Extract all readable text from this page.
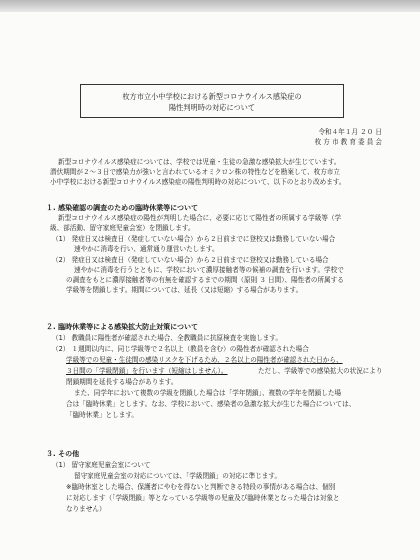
枚方市立小中学校における新型コロナウイルス感染症の
陽性判明時の対応について
令和４年１月 ２０ 日
枚 方 市 教 育 委 員 会
新型コロナウイルス感染症については、学校では児童・生徒の急激な感染拡大が生じています。
潜伏期間が２～３日で感染力が強いと言われているオミクロン株の特性などを勘案して、枚方市立
小中学校における新型コロナウイルス感染症の陽性判明時の対応について、以下のとおり改めます。
１. 感染確認の調査のための臨時休業等について
新型コロナウイルス感染症の陽性が判明した場合に、必要に応じて陽性者の所属する学級等（学
級、部活動、留守家庭児童会室）を閉鎖します。
（1） 発症日又は検査日（発症していない場合）から２日前までに登校又は勤務していない場合
速やかに消毒を行い、通常通り運営いたします。
（2） 発症日又は検査日（発症していない場合）から２日前までに登校又は勤務している場合
速やかに消毒を行うとともに、学校において濃厚接触者等の候補の調査を行います。学校で
の調査をもとに濃厚接触者等の有無を確認するまでの期間（原則 ３ 日間）、陽性者の所属する
学級等を閉鎖します。期間については、延長（又は短縮）する場合があります。
２. 臨時休業等による感染拡大防止対策について
（1） 教職員に陽性者が確認された場合、全教職員に抗原検査を実施します。
（2） １週間以内に、同じ学級等で２名以上（教員を含む）の陽性者が確認された場合
学級等での児童・生徒間の感染リスクを下げるため、２名以上の陽性者が確認された日から、
３日間の「学級閉鎖」を行います（短縮はしません）。	ただし、学級等での感染拡大の状況により
閉鎖期間を延長する場合があります。
また、同学年において複数の学級を閉鎖した場合は「学年閉鎖」、複数の学年を閉鎖した場
合は「臨時休業」とします。なお、学校において、感染者の急激な拡大が生じた場合については、
「臨時休業」とします。
３. その他
（1） 留守家庭児童会室について
留守家庭児童会室の対応については、「学級閉鎖」の対応に準じます。
※臨時休室とした場合、保護者にやむを得ないと判断できる特段の事情がある場合は、個別
に対応します（「学級閉鎖」等となっている学級等の児童及び臨時休業となった場合は対象と
なりません）
